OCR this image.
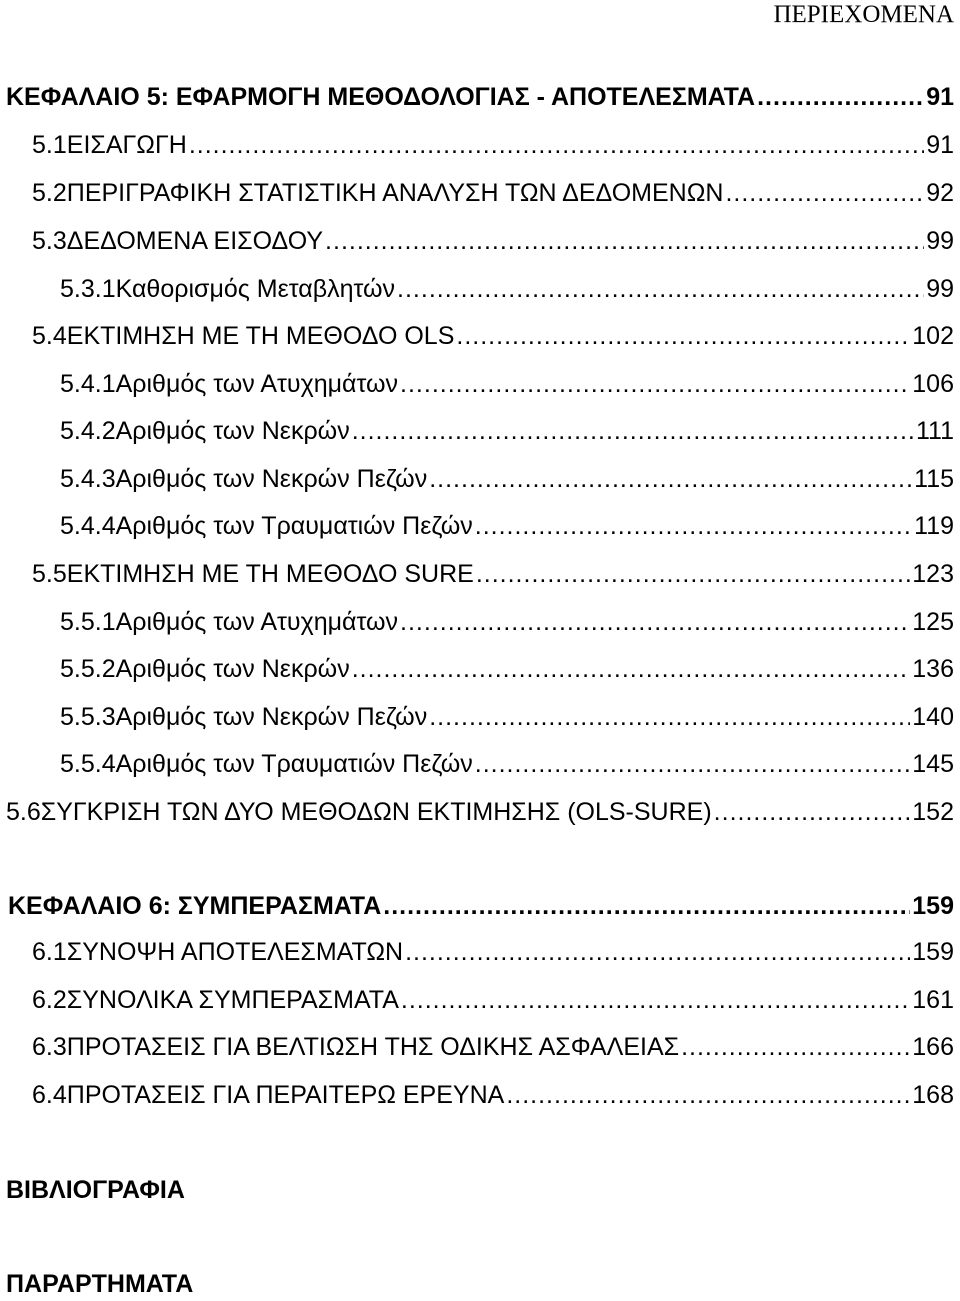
ΠΕΡΙΕΧΟΜΕΝΑ
ΚΕΦΑΛΑΙΟ 5: ΕΦΑΡΜΟΓΗ ΜΕΘΟΔΟΛΟΓΙΑΣ - ΑΠΟΤΕΛΕΣΜΑΤΑ .....	91
5.1 ΕΙΣΑΓΩΓΗ .....	91
5.2 ΠΕΡΙΓΡΑΦΙΚΗ ΣΤΑΤΙΣΤΙΚΗ ΑΝΑΛΥΣΗ ΤΩΝ ΔΕΔΟΜΕΝΩΝ .....	92
5.3 ΔΕΔΟΜΕΝΑ ΕΙΣΟΔΟΥ .....	99
5.3.1 Καθορισμός Μεταβλητών .....	99
5.4 ΕΚΤΙΜΗΣΗ ΜΕ ΤΗ ΜΕΘΟΔΟ OLS .....	102
5.4.1 Αριθμός των Ατυχημάτων .....	106
5.4.2 Αριθμός των Νεκρών .....	111
5.4.3 Αριθμός των Νεκρών Πεζών .....	115
5.4.4 Αριθμός των Τραυματιών Πεζών .....	119
5.5 ΕΚΤΙΜΗΣΗ ΜΕ ΤΗ ΜΕΘΟΔΟ SURE .....	123
5.5.1 Αριθμός των Ατυχημάτων .....	125
5.5.2 Αριθμός των Νεκρών .....	136
5.5.3 Αριθμός των Νεκρών Πεζών .....	140
5.5.4 Αριθμός των Τραυματιών Πεζών .....	145
5.6 ΣΥΓΚΡΙΣΗ ΤΩΝ ΔΥΟ ΜΕΘΟΔΩΝ ΕΚΤΙΜΗΣΗΣ (OLS-SURE) .....	152
ΚΕΦΑΛΑΙΟ 6: ΣΥΜΠΕΡΑΣΜΑΤΑ .....	159
6.1 ΣΥΝΟΨΗ ΑΠΟΤΕΛΕΣΜΑΤΩΝ .....	159
6.2 ΣΥΝΟΛΙΚΑ ΣΥΜΠΕΡΑΣΜΑΤΑ .....	161
6.3 ΠΡΟΤΑΣΕΙΣ ΓΙΑ ΒΕΛΤΙΩΣΗ ΤΗΣ ΟΔΙΚΗΣ ΑΣΦΑΛΕΙΑΣ .....	166
6.4 ΠΡΟΤΑΣΕΙΣ ΓΙΑ ΠΕΡΑΙΤΕΡΩ ΕΡΕΥΝΑ .....	168
ΒΙΒΛΙΟΓΡΑΦΙΑ
ΠΑΡΑΡΤΗΜΑΤΑ
